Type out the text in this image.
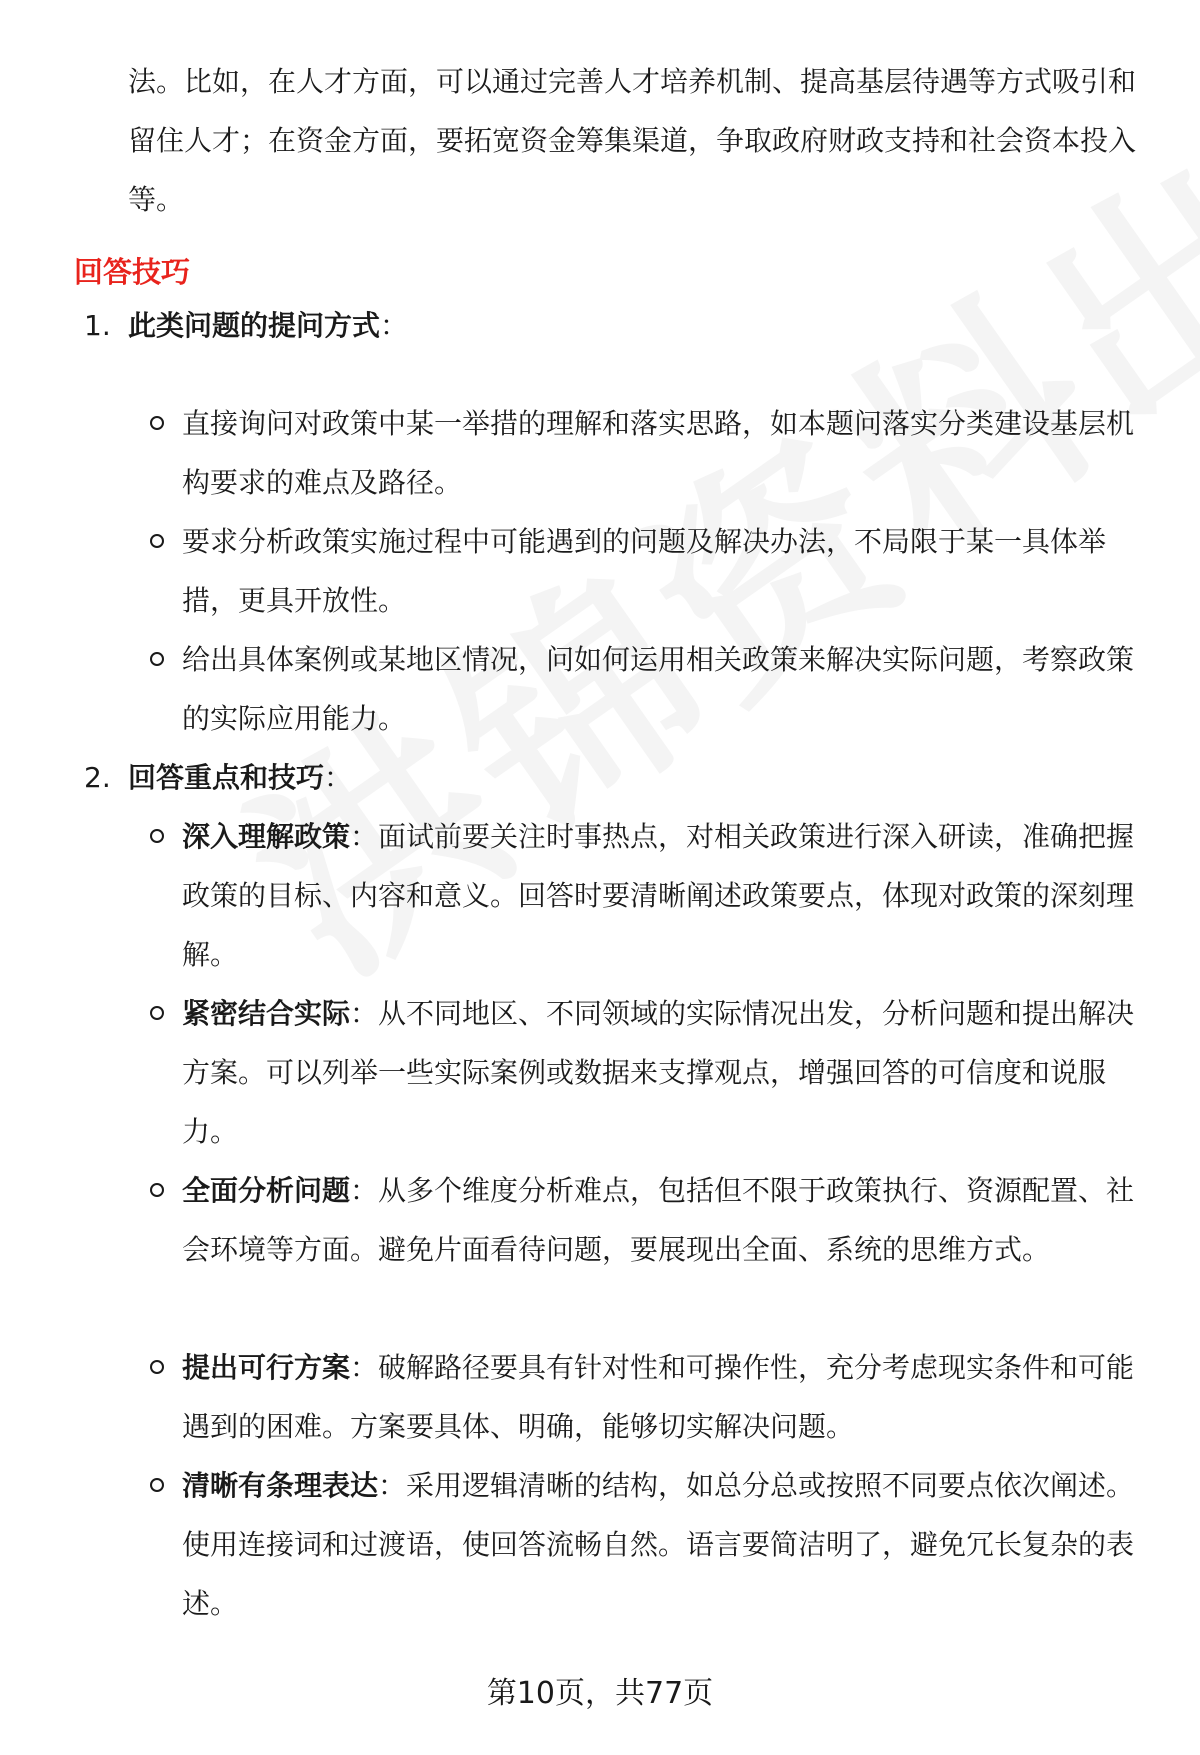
法。比如，在人才方面，可以通过完善人才培养机制、提高基层待遇等方式吸引和留住人才；在资金方面，要拓宽资金筹集渠道，争取政府财政支持和社会资本投入等。
回答技巧
1. 此类问题的提问方式：
直接询问对政策中某一举措的理解和落实思路，如本题问落实分类建设基层机构要求的难点及路径。
要求分析政策实施过程中可能遇到的问题及解决办法，不局限于某一具体举措，更具开放性。
给出具体案例或某地区情况，问如何运用相关政策来解决实际问题，考察政策的实际应用能力。
2. 回答重点和技巧：
深入理解政策：面试前要关注时事热点，对相关政策进行深入研读，准确把握政策的目标、内容和意义。回答时要清晰阐述政策要点，体现对政策的深刻理解。
紧密结合实际：从不同地区、不同领域的实际情况出发，分析问题和提出解决方案。可以列举一些实际案例或数据来支撑观点，增强回答的可信度和说服力。
全面分析问题：从多个维度分析难点，包括但不限于政策执行、资源配置、社会环境等方面。避免片面看待问题，要展现出全面、系统的思维方式。
提出可行方案：破解路径要具有针对性和可操作性，充分考虑现实条件和可能遇到的困难。方案要具体、明确，能够切实解决问题。
清晰有条理表达：采用逻辑清晰的结构，如总分总或按照不同要点依次阐述。使用连接词和过渡语，使回答流畅自然。语言要简洁明了，避免冗长复杂的表述。
第10页，共77页
